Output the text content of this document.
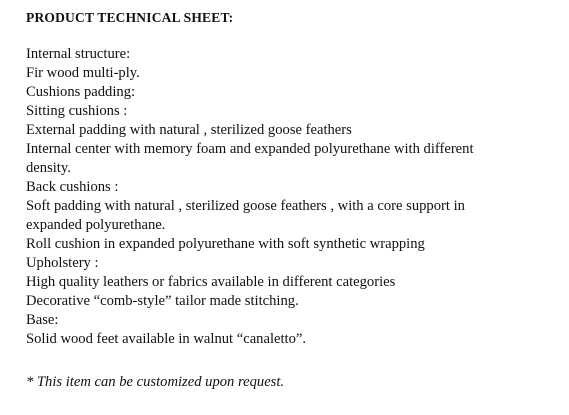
PRODUCT TECHNICAL SHEET:
Internal structure:
Fir wood multi-ply.
Cushions padding:
Sitting cushions :
External padding with natural , sterilized goose feathers
Internal center with memory foam and expanded polyurethane with different
density.
Back cushions :
Soft padding with natural , sterilized goose feathers , with a core support in
expanded polyurethane.
Roll cushion in expanded polyurethane with soft synthetic wrapping
Upholstery :
High quality leathers or fabrics available in different categories
Decorative “comb-style” tailor made stitching.
Base:
Solid wood feet available in walnut “canaletto”.
* This item can be customized upon request.
